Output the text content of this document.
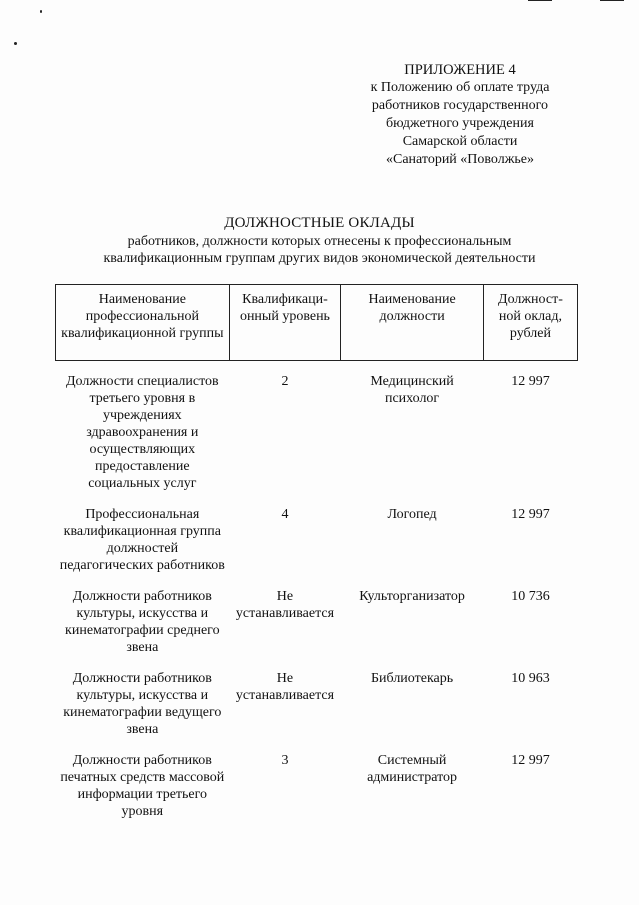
ПРИЛОЖЕНИЕ 4
к Положению об оплате труда
работников государственного
бюджетного учреждения
Самарской области
«Санаторий «Поволжье»
ДОЛЖНОСТНЫЕ ОКЛАДЫ
работников, должности которых отнесены к профессиональным
квалификационным группам других видов экономической деятельности
Наименование профессиональной квалификационной группы	Квалификаци-онный уровень	Наименование должности	Должност-ной оклад, рублей
Должности специалистов третьего уровня в учреждениях здравоохранения и осуществляющих предоставление социальных услуг	2	Медицинский психолог	12 997
Профессиональная квалификационная группа должностей педагогических работников	4	Логопед	12 997
Должности работников культуры, искусства и кинематографии среднего звена	Не устанавливается	Культорганизатор	10 736
Должности работников культуры, искусства и кинематографии ведущего звена	Не устанавливается	Библиотекарь	10 963
Должности работников печатных средств массовой информации третьего уровня	3	Системный администратор	12 997
